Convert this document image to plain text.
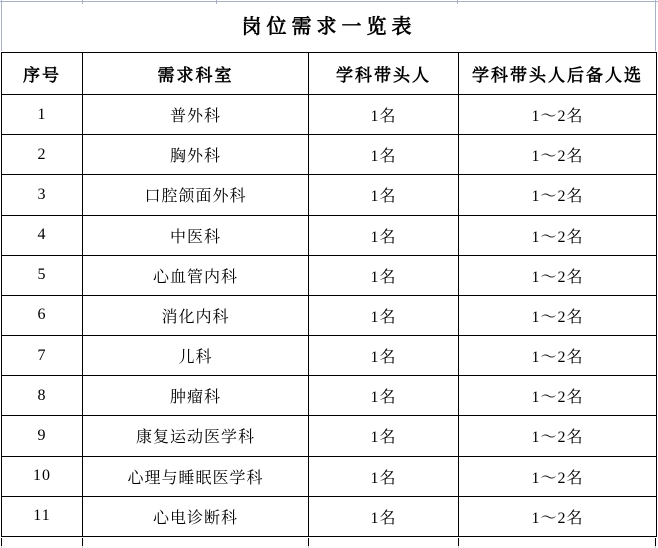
岗位需求一览表
序号	需求科室	学科带头人	学科带头人后备人选
1	普外科	1名	1～2名
2	胸外科	1名	1～2名
3	口腔颌面外科	1名	1～2名
4	中医科	1名	1～2名
5	心血管内科	1名	1～2名
6	消化内科	1名	1～2名
7	儿科	1名	1～2名
8	肿瘤科	1名	1～2名
9	康复运动医学科	1名	1～2名
10	心理与睡眠医学科	1名	1～2名
11	心电诊断科	1名	1～2名
